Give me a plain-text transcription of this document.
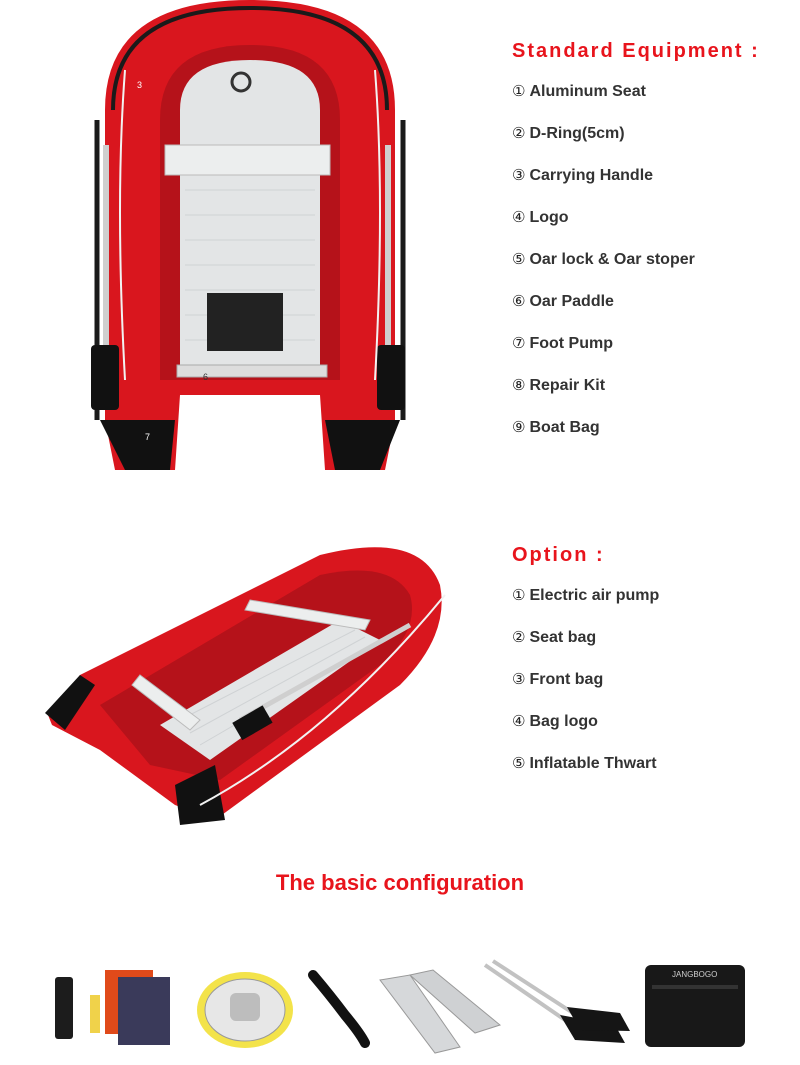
3
6
7
Standard Equipment :
① Aluminum Seat
② D-Ring(5cm)
③ Carrying Handle
④ Logo
⑤ Oar lock & Oar stoper
⑥ Oar Paddle
⑦ Foot Pump
⑧ Repair Kit
⑨ Boat Bag
Option :
① Electric air pump
② Seat bag
③ Front bag
④ Bag logo
⑤ Inflatable Thwart
The basic configuration
JANGBOGO
